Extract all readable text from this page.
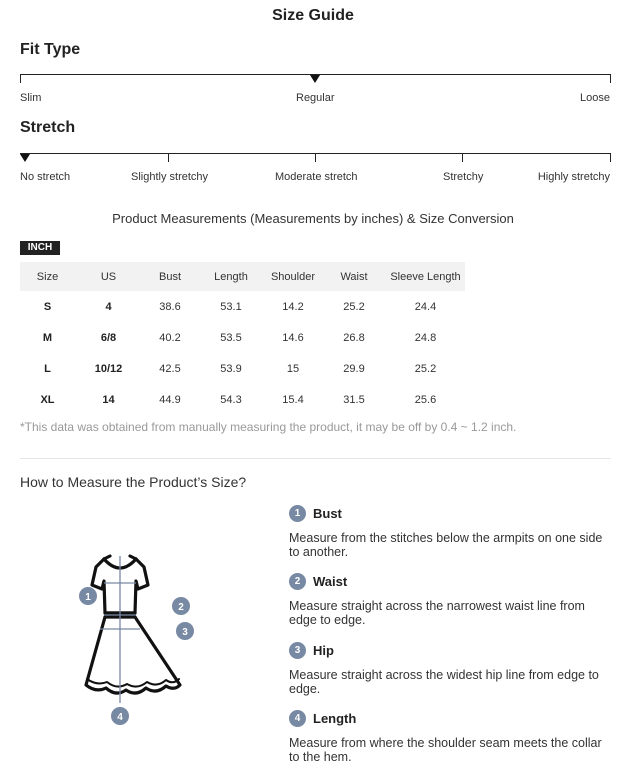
Size Guide
Fit Type
Slim	Regular	Loose
Stretch
No stretch	Slightly stretchy	Moderate stretch	Stretchy	Highly stretchy
Product Measurements (Measurements by inches) & Size Conversion
INCH
Size	US	Bust	Length	Shoulder	Waist	Sleeve Length
S	4	38.6	53.1	14.2	25.2	24.4
M	6/8	40.2	53.5	14.6	26.8	24.8
L	10/12	42.5	53.9	15	29.9	25.2
XL	14	44.9	54.3	15.4	31.5	25.6
*This data was obtained from manually measuring the product, it may be off by 0.4 ~ 1.2 inch.
How to Measure the Product’s Size?
1
2
3
4
1 Bust
Measure from the stitches below the armpits on one side to another.
2 Waist
Measure straight across the narrowest waist line from edge to edge.
3 Hip
Measure straight across the widest hip line from edge to edge.
4 Length
Measure from where the shoulder seam meets the collar to the hem.
